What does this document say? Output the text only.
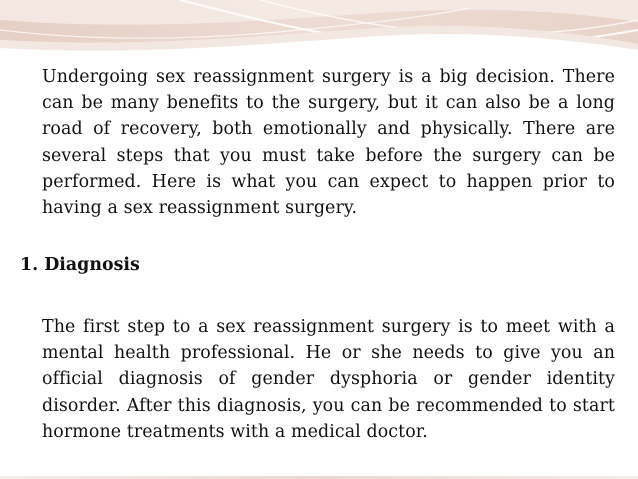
Undergoing sex reassignment surgery is a big decision. There can be many benefits to the surgery, but it can also be a long road of recovery, both emotionally and physically. There are several steps that you must take before the surgery can be performed. Here is what you can expect to happen prior to having a sex reassignment surgery.

1. Diagnosis

The first step to a sex reassignment surgery is to meet with a mental health professional. He or she needs to give you an official diagnosis of gender dysphoria or gender identity disorder. After this diagnosis, you can be recommended to start hormone treatments with a medical doctor.
